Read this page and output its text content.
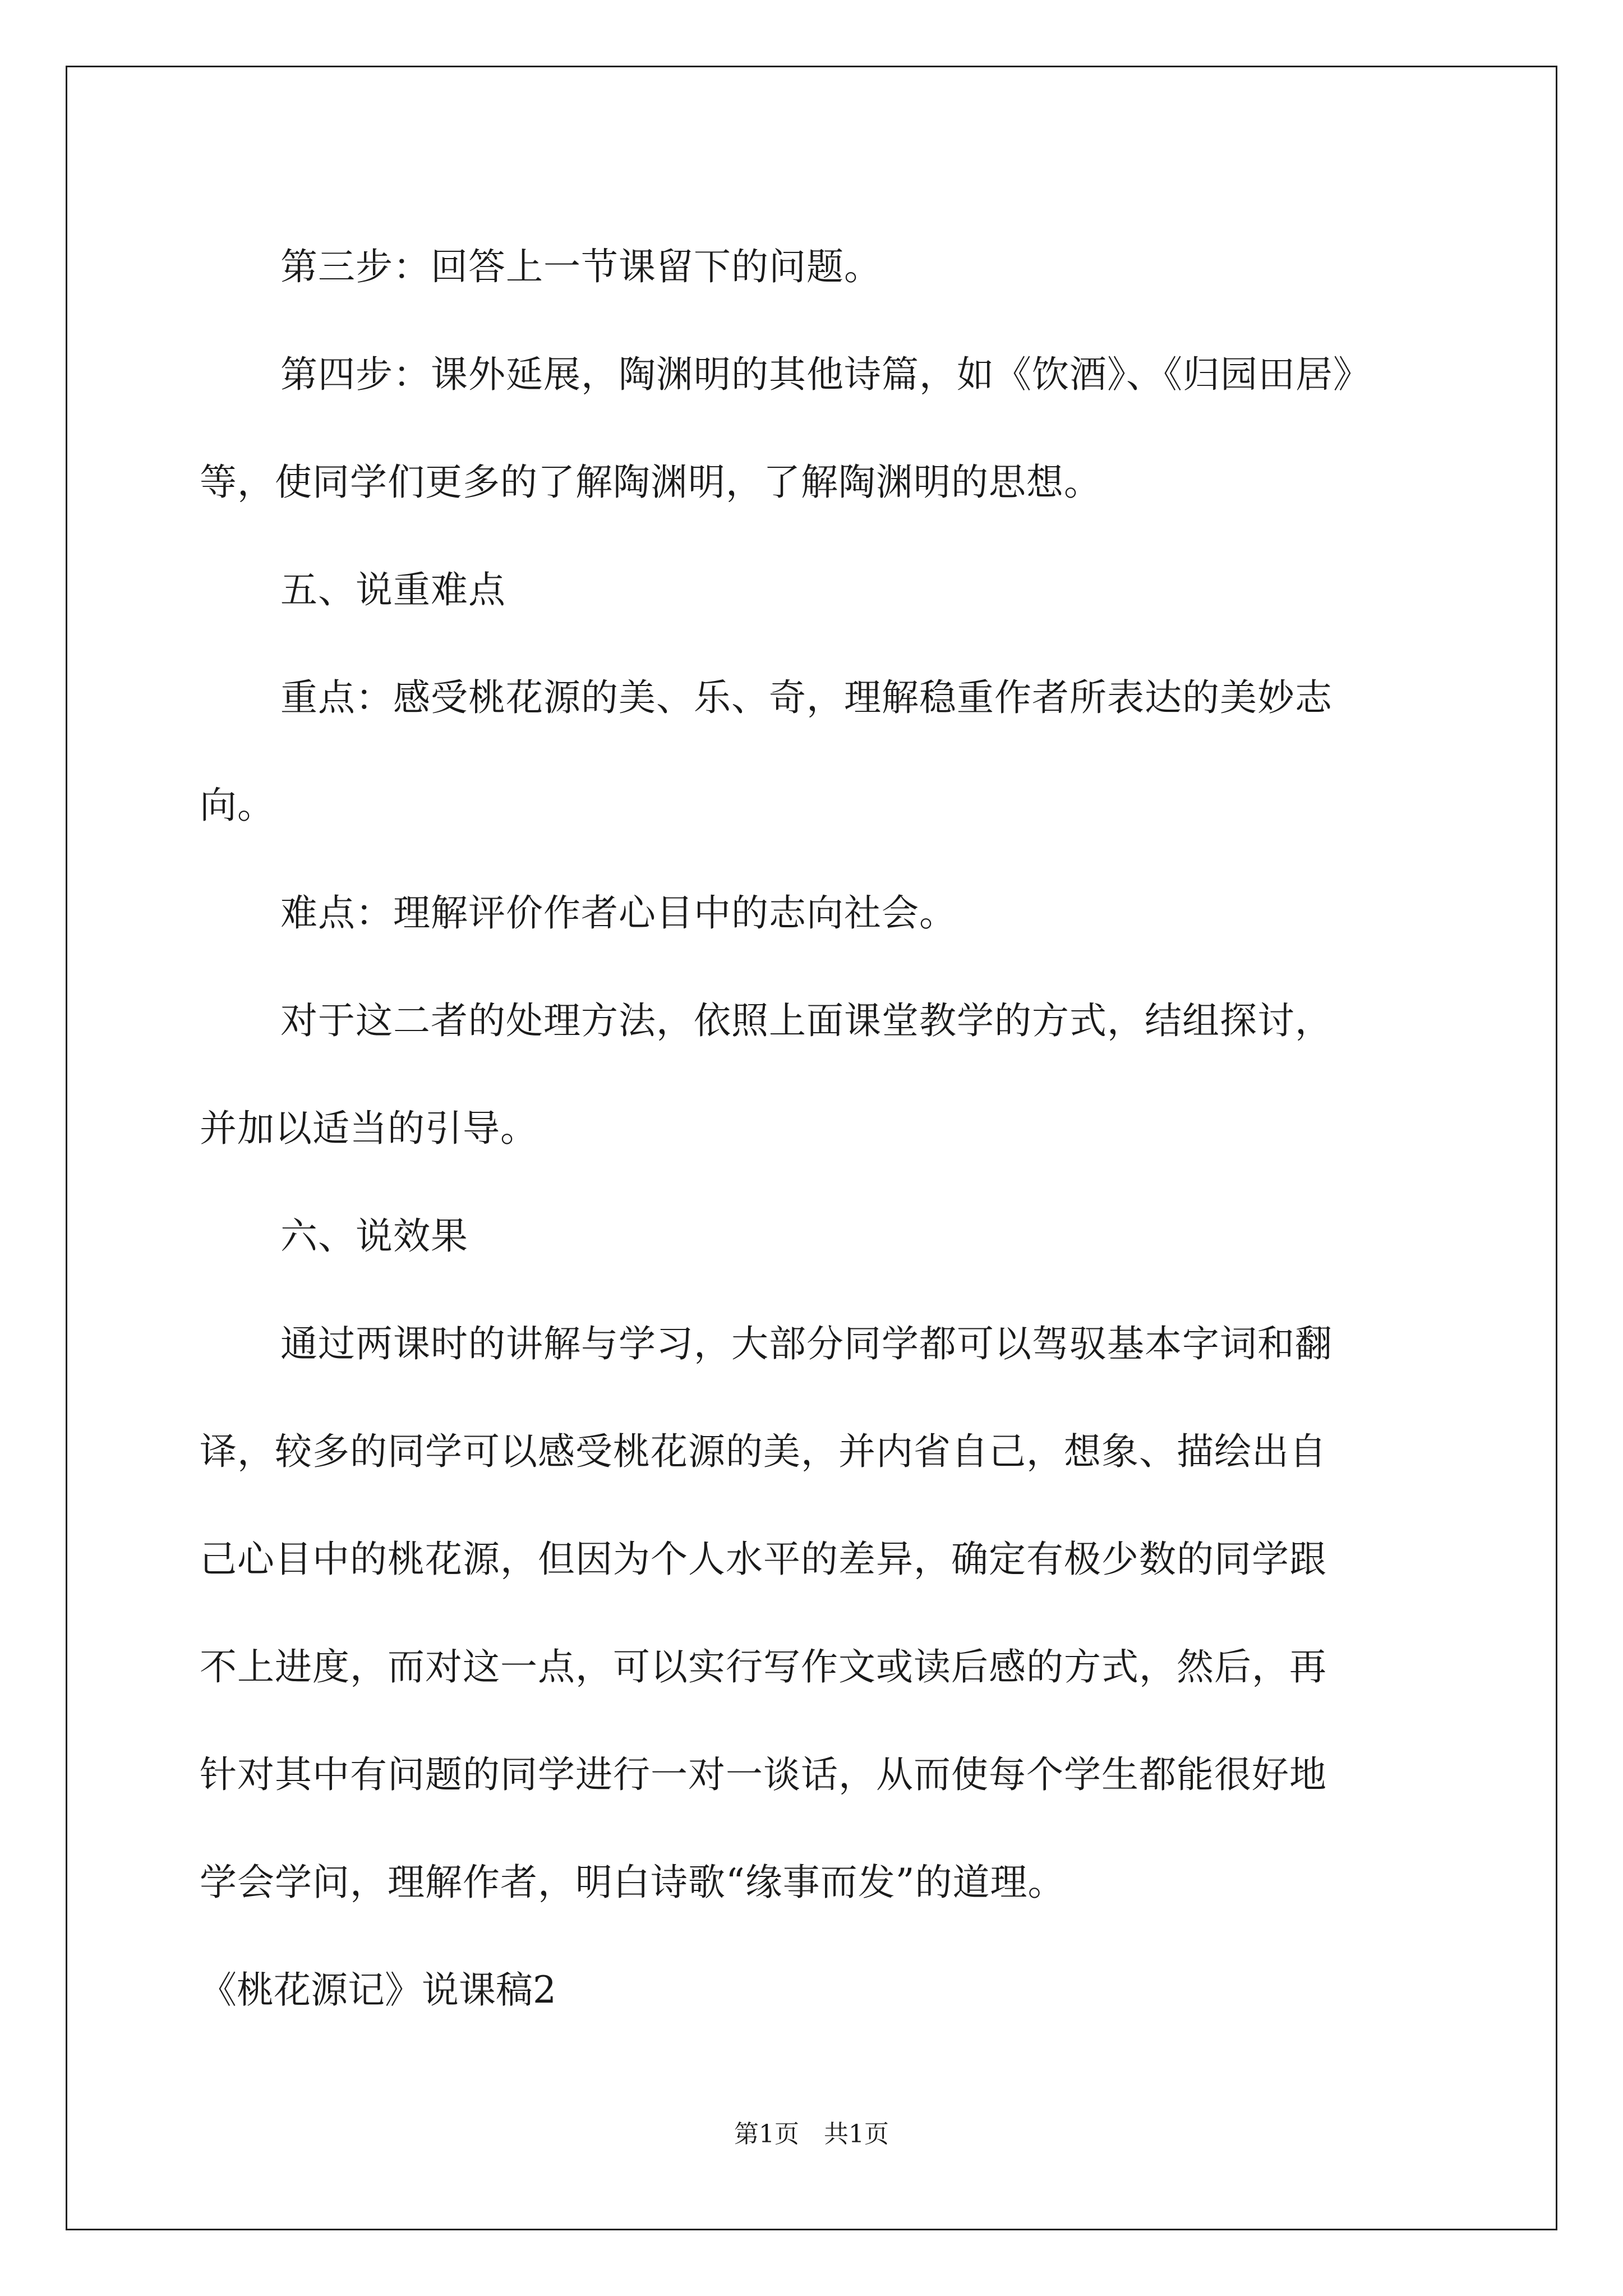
第三步：回答上一节课留下的问题。

第四步：课外延展，陶渊明的其他诗篇，如《饮酒》、《归园田居》

等，使同学们更多的了解陶渊明，了解陶渊明的思想。

五、说重难点

重点：感受桃花源的美、乐、奇，理解稳重作者所表达的美妙志

向。

难点：理解评价作者心目中的志向社会。

对于这二者的处理方法，依照上面课堂教学的方式，结组探讨，

并加以适当的引导。

六、说效果

通过两课时的讲解与学习，大部分同学都可以驾驭基本字词和翻

译，较多的同学可以感受桃花源的美，并内省自己，想象、描绘出自

己心目中的桃花源，但因为个人水平的差异，确定有极少数的同学跟

不上进度，而对这一点，可以实行写作文或读后感的方式，然后，再

针对其中有问题的同学进行一对一谈话，从而使每个学生都能很好地

学会学问，理解作者，明白诗歌“缘事而发”的道理。

《桃花源记》说课稿2

第1页　共1页
